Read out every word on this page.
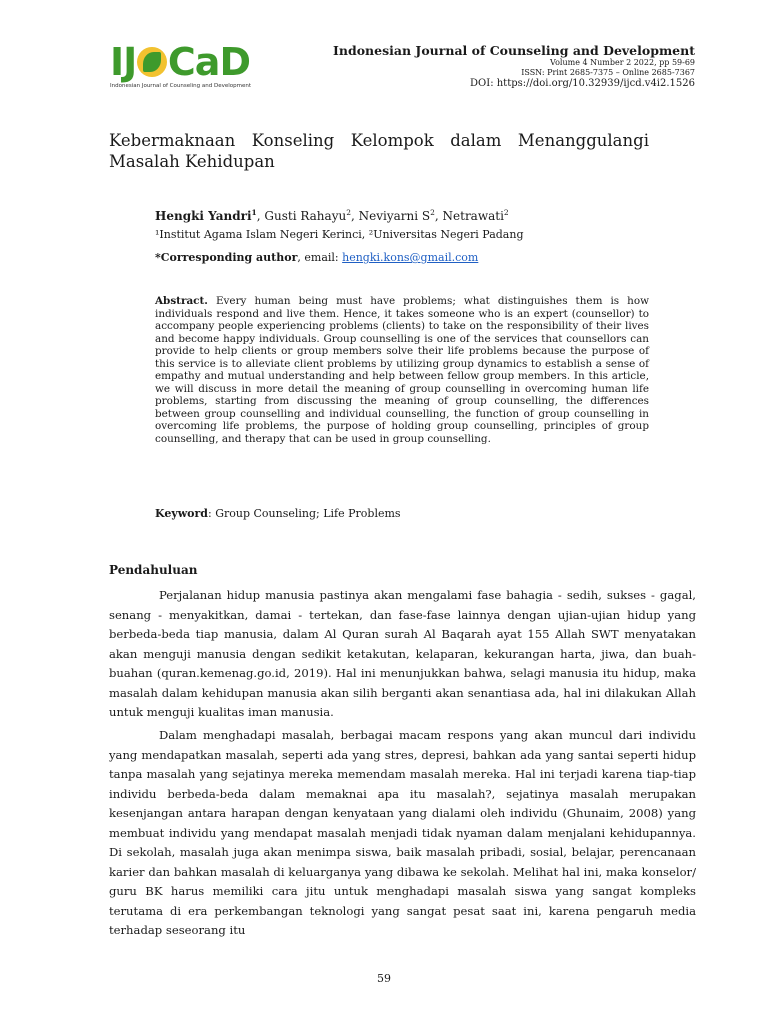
IJ CaD
Indonesian Journal of Counseling and Development
Indonesian Journal of Counseling and Development
Volume 4 Number 2 2022, pp 59-69
ISSN: Print 2685-7375 – Online 2685-7367
DOI: https://doi.org/10.32939/ijcd.v4i2.1526
Kebermaknaan Konseling Kelompok dalam Menanggulangi Masalah Kehidupan
Hengki Yandri$^1$, Gusti Rahayu$^2$, Neviyarni $S^2$, Netrawati$^2$
¹Institut Agama Islam Negeri Kerinci, ²Universitas Negeri Padang
*Corresponding author, email: hengki.kons@gmail.com
Abstract. Every human being must have problems; what distinguishes them is how individuals respond and live them. Hence, it takes someone who is an expert (counsellor) to accompany people experiencing problems (clients) to take on the responsibility of their lives and become happy individuals. Group counselling is one of the services that counsellors can provide to help clients or group members solve their life problems because the purpose of this service is to alleviate client problems by utilizing group dynamics to establish a sense of empathy and mutual understanding and help between fellow group members. In this article, we will discuss in more detail the meaning of group counselling in overcoming human life problems, starting from discussing the meaning of group counselling, the differences between group counselling and individual counselling, the function of group counselling in overcoming life problems, the purpose of holding group counselling, principles of group counselling, and therapy that can be used in group counselling.
Keyword: Group Counseling; Life Problems
Pendahuluan
Perjalanan hidup manusia pastinya akan mengalami fase bahagia - sedih, sukses - gagal, senang - menyakitkan, damai - tertekan, dan fase-fase lainnya dengan ujian-ujian hidup yang berbeda-beda tiap manusia, dalam Al Quran surah Al Baqarah ayat 155 Allah SWT menyatakan akan menguji manusia dengan sedikit ketakutan, kelaparan, kekurangan harta, jiwa, dan buah-buahan (quran.kemenag.go.id, 2019). Hal ini menunjukkan bahwa, selagi manusia itu hidup, maka masalah dalam kehidupan manusia akan silih berganti akan senantiasa ada, hal ini dilakukan Allah untuk menguji kualitas iman manusia.
Dalam menghadapi masalah, berbagai macam respons yang akan muncul dari individu yang mendapatkan masalah, seperti ada yang stres, depresi, bahkan ada yang santai seperti hidup tanpa masalah yang sejatinya mereka memendam masalah mereka. Hal ini terjadi karena tiap-tiap individu berbeda-beda dalam memaknai apa itu masalah?, sejatinya masalah merupakan kesenjangan antara harapan dengan kenyataan yang dialami oleh individu (Ghunaim, 2008) yang membuat individu yang mendapat masalah menjadi tidak nyaman dalam menjalani kehidupannya. Di sekolah, masalah juga akan menimpa siswa, baik masalah pribadi, sosial, belajar, perencanaan karier dan bahkan masalah di keluarganya yang dibawa ke sekolah. Melihat hal ini, maka konselor/ guru BK harus memiliki cara jitu untuk menghadapi masalah siswa yang sangat kompleks terutama di era perkembangan teknologi yang sangat pesat saat ini, karena pengaruh media terhadap seseorang itu
59
